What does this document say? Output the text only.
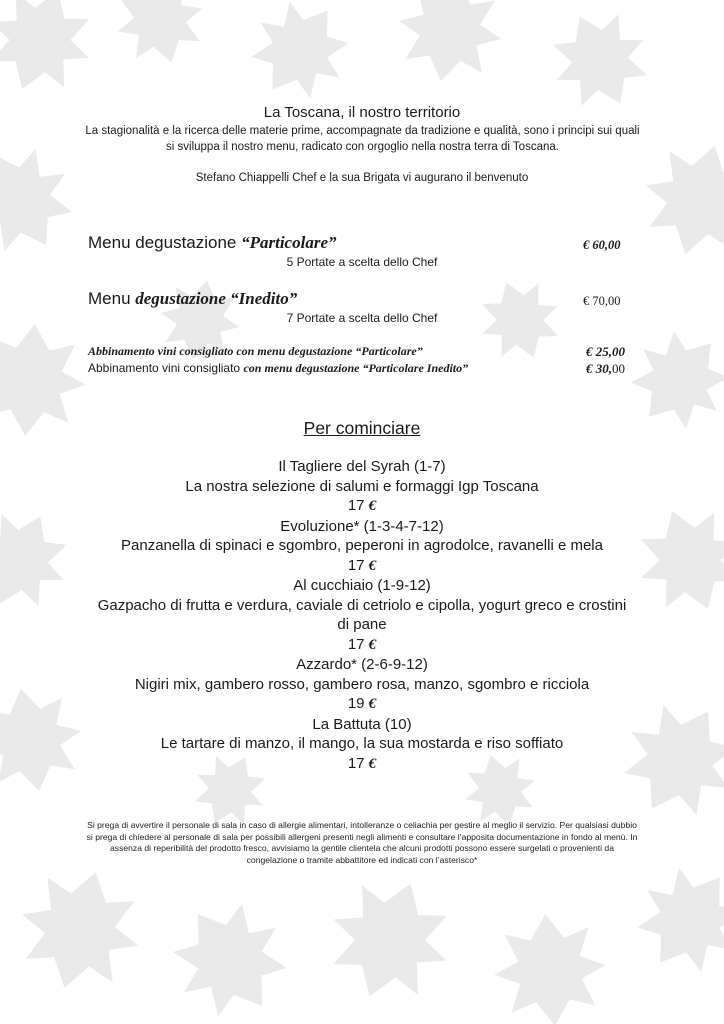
La Toscana, il nostro territorio
La stagionalità e la ricerca delle materie prime, accompagnate da tradizione e qualità, sono i principi sui quali si sviluppa il nostro menu, radicato con orgoglio nella nostra terra di Toscana.
Stefano Chiappelli Chef e la sua Brigata vi augurano il benvenuto
Menu degustazione “Particolare”	€ 60,00
5 Portate a scelta dello Chef
Menu degustazione “Inedito”	€ 70,00
7 Portate a scelta dello Chef
Abbinamento vini consigliato con menu degustazione “Particolare”	€ 25,00
Abbinamento vini consigliato con menu degustazione “Particolare Inedito”	€ 30,00
Per cominciare

Il Tagliere del Syrah (1-7)

La nostra selezione di salumi e formaggi Igp Toscana

17 €

Evoluzione* (1-3-4-7-12)

Panzanella di spinaci e sgombro, peperoni in agrodolce, ravanelli e mela

17 €

Al cucchiaio (1-9-12)

Gazpacho di frutta e verdura, caviale di cetriolo e cipolla, yogurt greco e crostini di pane

17 €

Azzardo* (2-6-9-12)

Nigiri mix, gambero rosso, gambero rosa, manzo, sgombro e ricciola

19 €

La Battuta (10)

Le tartare di manzo, il mango, la sua mostarda e riso soffiato

17 €

Si prega di avvertire il personale di sala in caso di allergie alimentari, intolleranze o celiachia per gestire al meglio il servizio. Per qualsiasi dubbio si prega di chiedere al personale di sala per possibili allergeni presenti negli alimenti e consultare l’apposita documentazione in fondo al menù. In assenza di reperibilità del prodotto fresco, avvisiamo la gentile clientela che alcuni prodotti possono essere surgelati o provenienti da congelazione o tramite abbattitore ed indicati con l’asterisco*
